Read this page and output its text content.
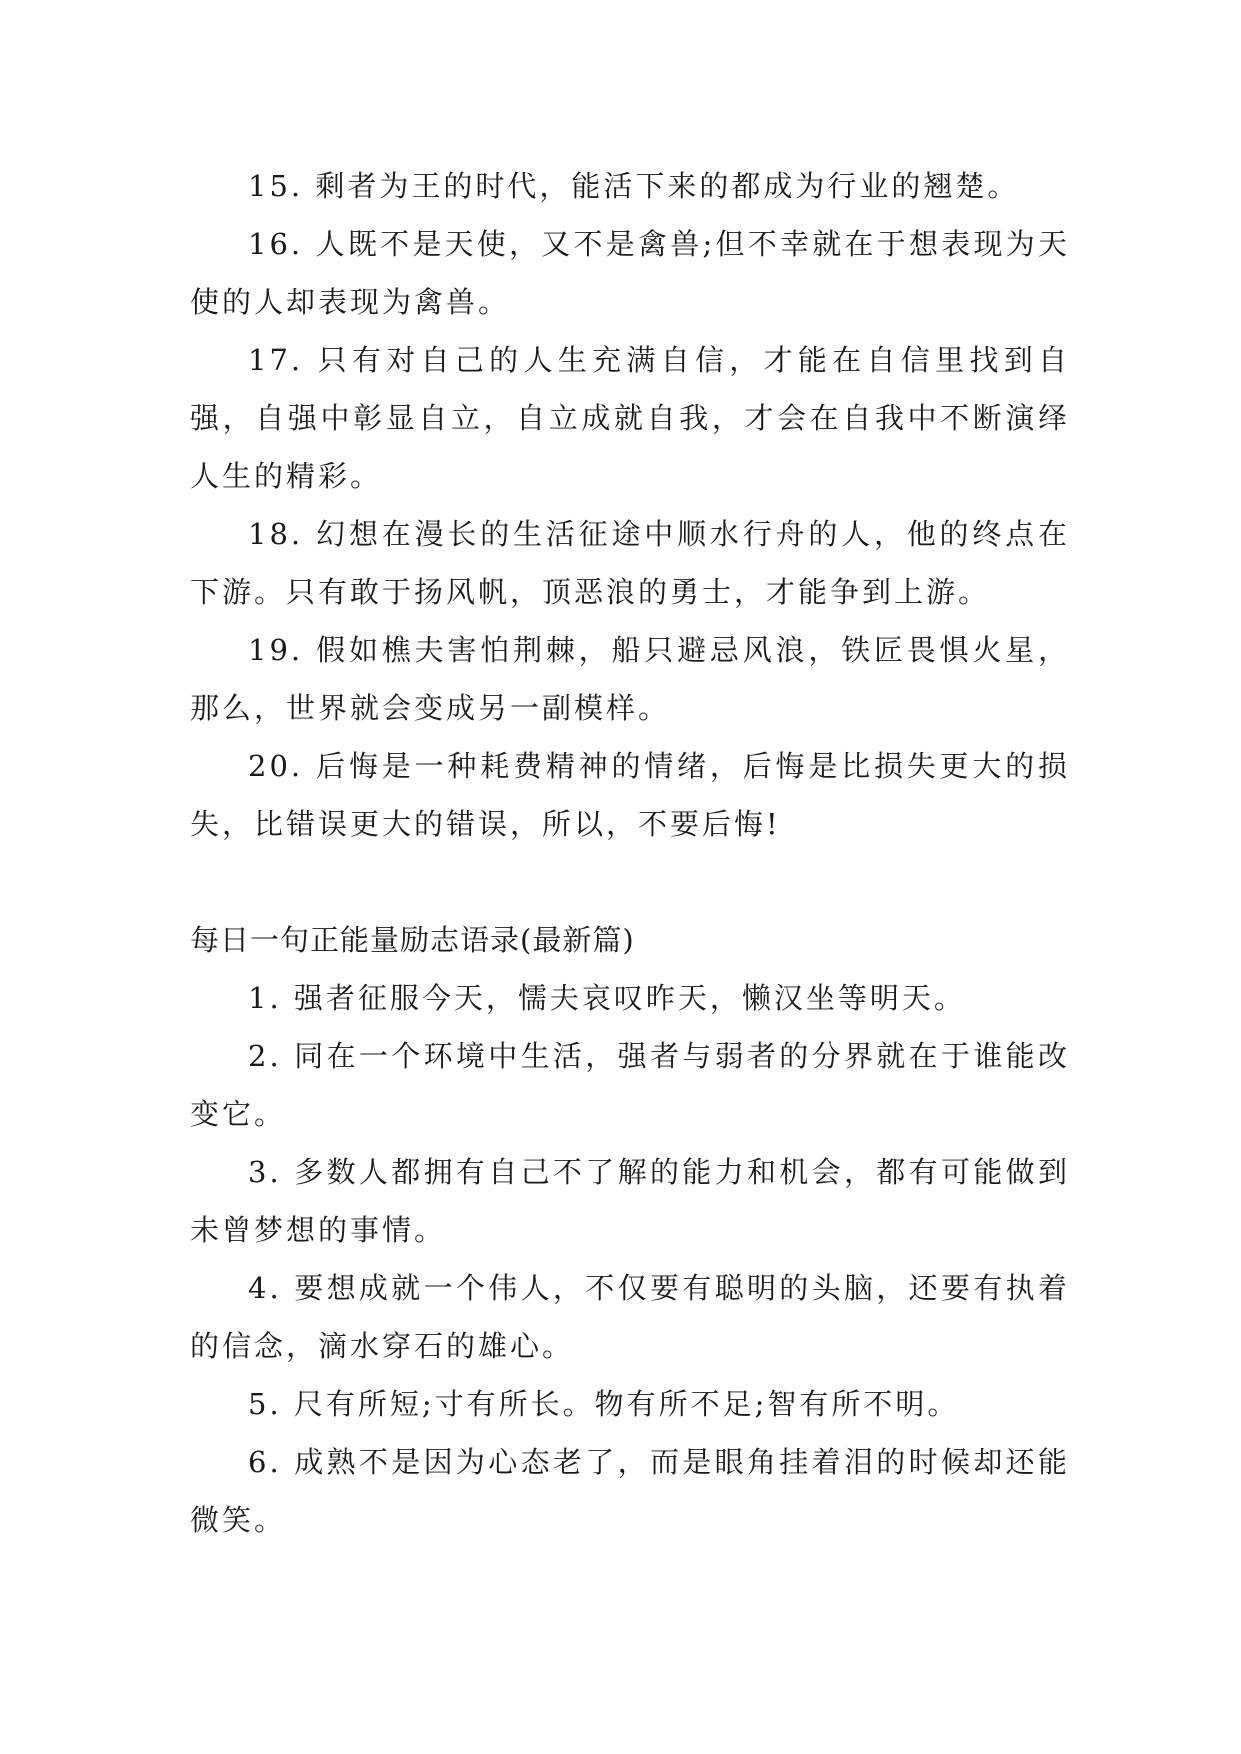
15. 剩者为王的时代，能活下来的都成为行业的翘楚。

16. 人既不是天使，又不是禽兽;但不幸就在于想表现为天使的人却表现为禽兽。

17. 只有对自己的人生充满自信，才能在自信里找到自强，自强中彰显自立，自立成就自我，才会在自我中不断演绎人生的精彩。

18. 幻想在漫长的生活征途中顺水行舟的人，他的终点在下游。只有敢于扬风帆，顶恶浪的勇士，才能争到上游。

19. 假如樵夫害怕荆棘，船只避忌风浪，铁匠畏惧火星，那么，世界就会变成另一副模样。

20. 后悔是一种耗费精神的情绪，后悔是比损失更大的损失，比错误更大的错误，所以，不要后悔!

每日一句正能量励志语录(最新篇)

1. 强者征服今天，懦夫哀叹昨天，懒汉坐等明天。

2. 同在一个环境中生活，强者与弱者的分界就在于谁能改变它。

3. 多数人都拥有自己不了解的能力和机会，都有可能做到未曾梦想的事情。

4. 要想成就一个伟人，不仅要有聪明的头脑，还要有执着的信念，滴水穿石的雄心。

5. 尺有所短;寸有所长。物有所不足;智有所不明。

6. 成熟不是因为心态老了，而是眼角挂着泪的时候却还能微笑。
